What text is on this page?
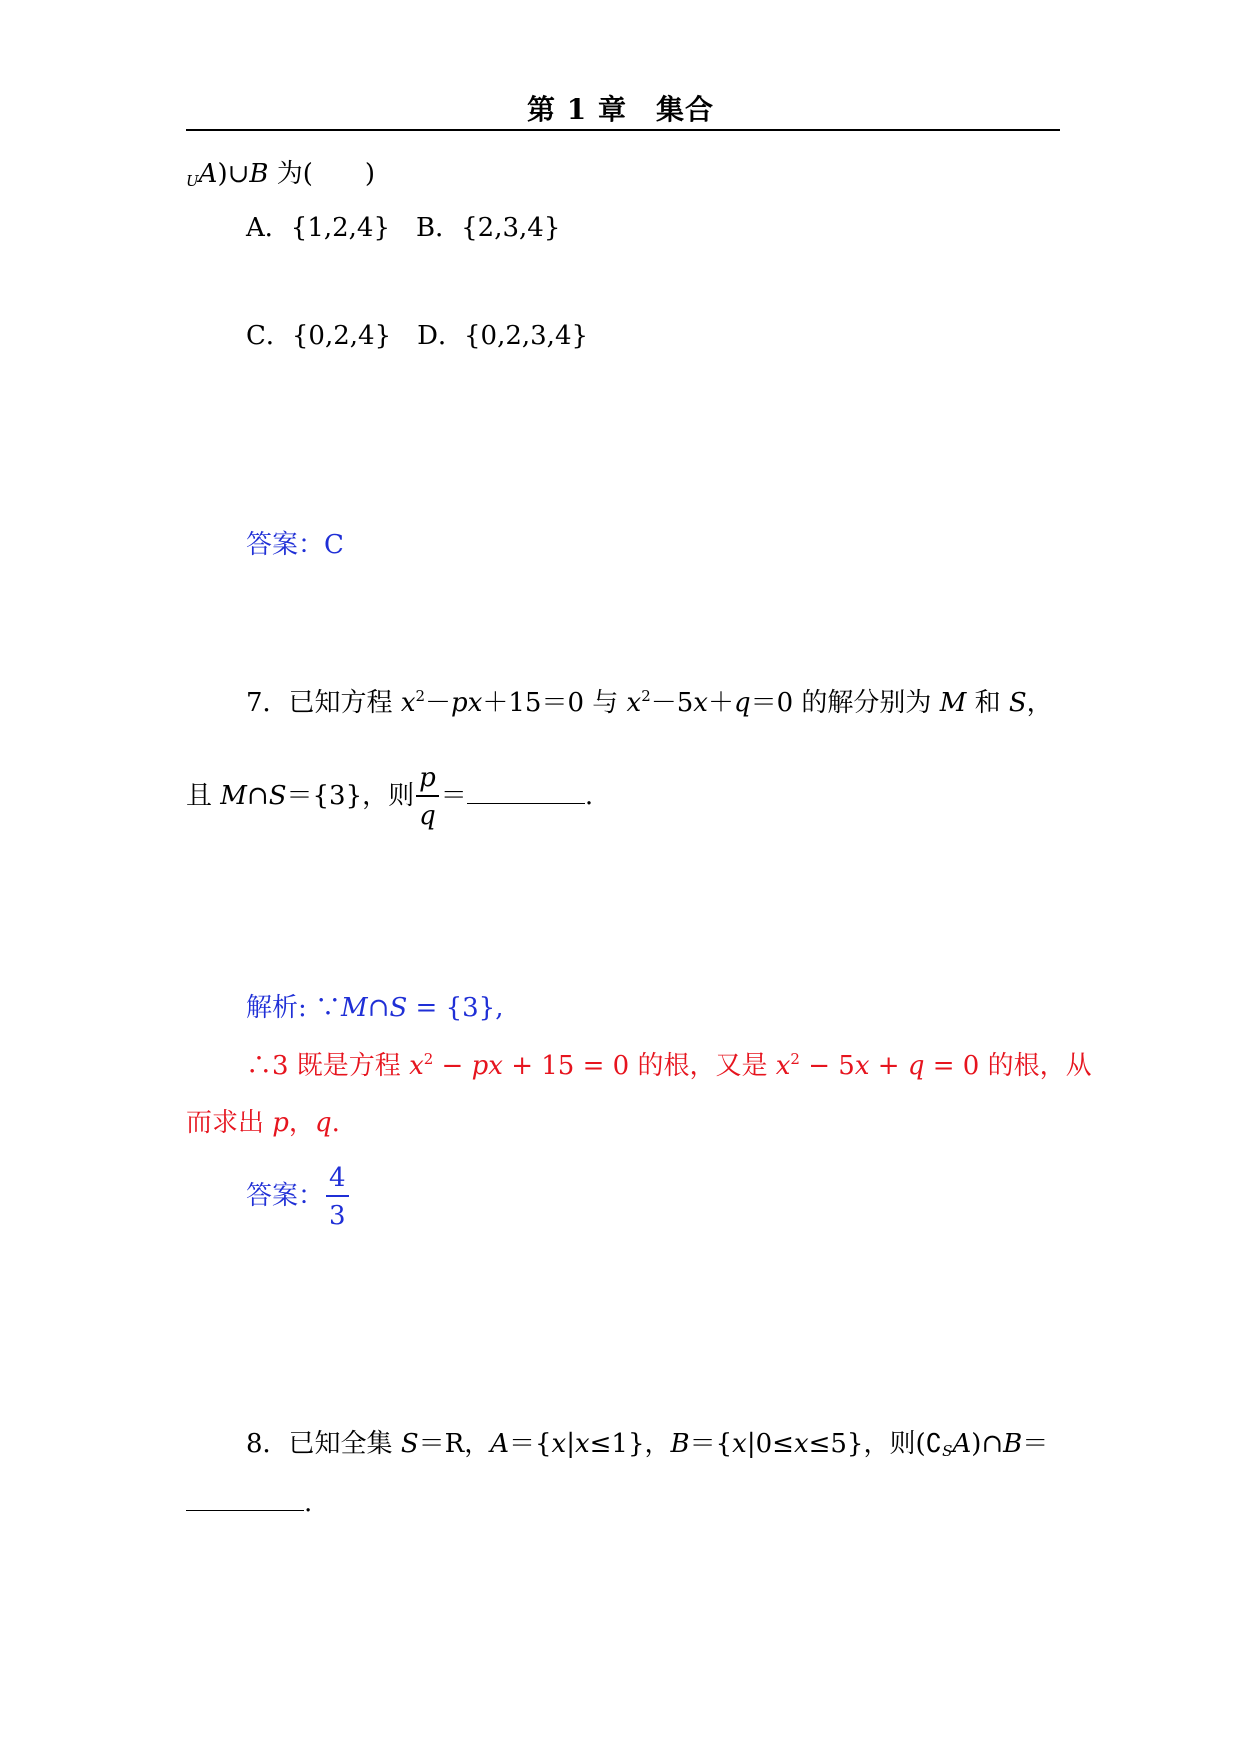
第 1 章　集合
$_U$A)∪B 为(　　)
A．{1,2,4}　B．{2,3,4}
C．{0,2,4}　D．{0,2,3,4}
答案：C
7．已知方程 $x^2-px+15=0$ 与 $x^2-5x+q=0$ 的解分别为 M 和 S，
且 M∩S＝{3}，则 $\frac{p}{q}$ ＝	.
解析: ∵M∩S = {3},
∴3 既是方程 $x^2$ − px + 15 = 0 的根，又是 $x^2 - 5x + q = 0$ 的根，从
而求出 p，q.
答案： $\frac{4}{3}$
8．已知全集 S＝R，A＝{x|x≤1}，B＝{x|0≤x≤5}，则$(∁_SA)\cap B=$
.
